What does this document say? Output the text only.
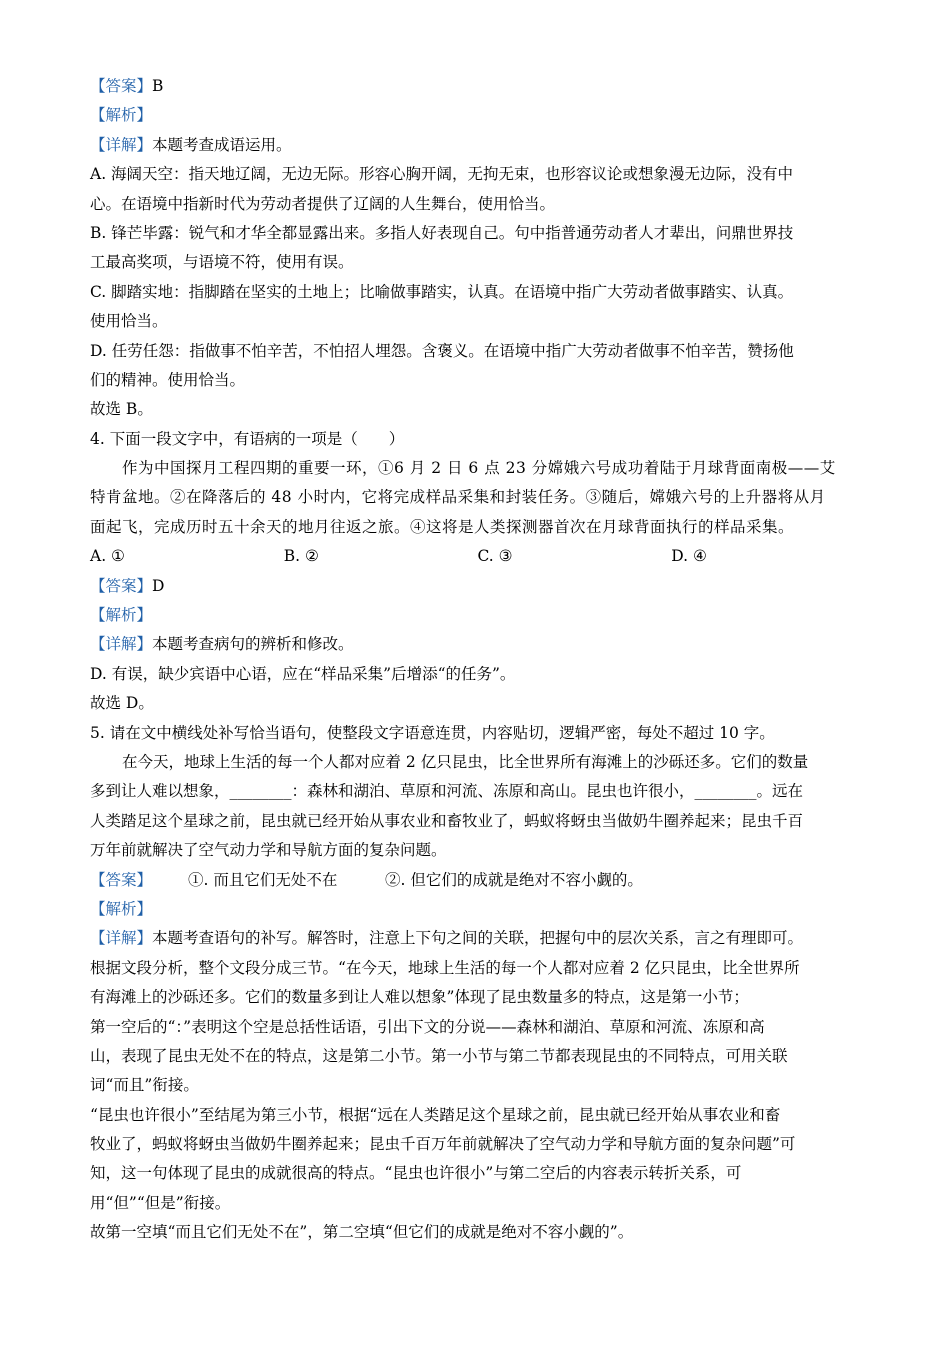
【答案】B
【解析】
【详解】本题考查成语运用。
A. 海阔天空：指天地辽阔，无边无际。形容心胸开阔，无拘无束，也形容议论或想象漫无边际，没有中
心。在语境中指新时代为劳动者提供了辽阔的人生舞台，使用恰当。
B. 锋芒毕露：锐气和才华全都显露出来。多指人好表现自己。句中指普通劳动者人才辈出，问鼎世界技
工最高奖项，与语境不符，使用有误。
C. 脚踏实地：指脚踏在坚实的土地上；比喻做事踏实，认真。在语境中指广大劳动者做事踏实、认真。
使用恰当。
D. 任劳任怨：指做事不怕辛苦，不怕招人埋怨。含褒义。在语境中指广大劳动者做事不怕辛苦，赞扬他
们的精神。使用恰当。
故选 B。
4. 下面一段文字中，有语病的一项是（　　）
作为中国探月工程四期的重要一环，①6 月 2 日 6 点 23 分嫦娥六号成功着陆于月球背面南极——艾
特肯盆地。②在降落后的 48 小时内，它将完成样品采集和封装任务。③随后，嫦娥六号的上升器将从月
面起飞，完成历时五十余天的地月往返之旅。④这将是人类探测器首次在月球背面执行的样品采集。
A. ①	B. ②	C. ③	D. ④
【答案】D
【解析】
【详解】本题考查病句的辨析和修改。
D. 有误，缺少宾语中心语，应在“样品采集”后增添“的任务”。
故选 D。
5. 请在文中横线处补写恰当语句，使整段文字语意连贯，内容贴切，逻辑严密，每处不超过 10 字。
在今天，地球上生活的每一个人都对应着 2 亿只昆虫，比全世界所有海滩上的沙砾还多。它们的数量
多到让人难以想象，________：森林和湖泊、草原和河流、冻原和高山。昆虫也许很小，________。远在
人类踏足这个星球之前，昆虫就已经开始从事农业和畜牧业了，蚂蚁将蚜虫当做奶牛圈养起来；昆虫千百
万年前就解决了空气动力学和导航方面的复杂问题。
【答案】 ①. 而且它们无处不在	②. 但它们的成就是绝对不容小觑的。
【解析】
【详解】本题考查语句的补写。解答时，注意上下句之间的关联，把握句中的层次关系，言之有理即可。
根据文段分析，整个文段分成三节。“在今天，地球上生活的每一个人都对应着 2 亿只昆虫，比全世界所
有海滩上的沙砾还多。它们的数量多到让人难以想象”体现了昆虫数量多的特点，这是第一小节；
第一空后的“：”表明这个空是总括性话语，引出下文的分说——森林和湖泊、草原和河流、冻原和高
山，表现了昆虫无处不在的特点，这是第二小节。第一小节与第二节都表现昆虫的不同特点，可用关联
词“而且”衔接。
“昆虫也许很小”至结尾为第三小节，根据“远在人类踏足这个星球之前，昆虫就已经开始从事农业和畜
牧业了，蚂蚁将蚜虫当做奶牛圈养起来；昆虫千百万年前就解决了空气动力学和导航方面的复杂问题”可
知，这一句体现了昆虫的成就很高的特点。“昆虫也许很小”与第二空后的内容表示转折关系，可
用“但”“但是”衔接。
故第一空填“而且它们无处不在”，第二空填“但它们的成就是绝对不容小觑的”。
